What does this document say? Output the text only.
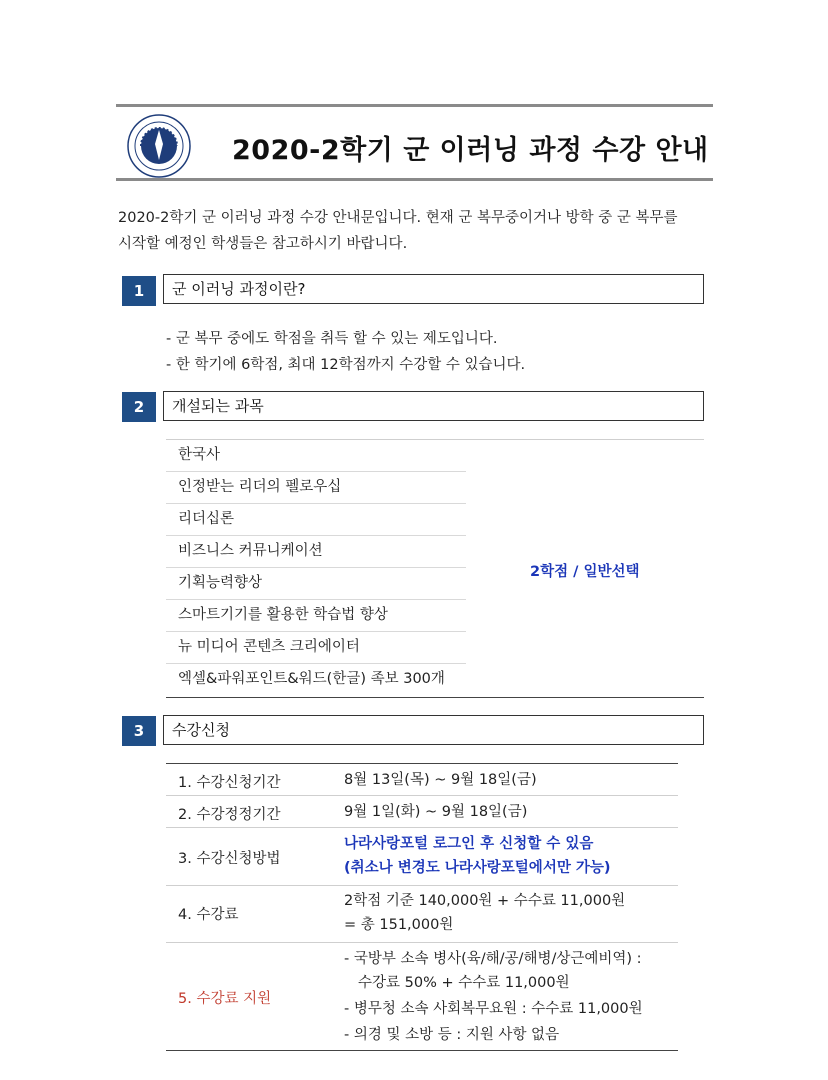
2020-2학기 군 이러닝 과정 수강 안내
2020-2학기 군 이러닝 과정 수강 안내문입니다. 현재 군 복무중이거나 방학 중 군 복무를
시작할 예정인 학생들은 참고하시기 바랍니다.
1	군 이러닝 과정이란?
- 군 복무 중에도 학점을 취득 할 수 있는 제도입니다.
- 한 학기에 6학점, 최대 12학점까지 수강할 수 있습니다.
2	개설되는 과목
한국사
인정받는 리더의 펠로우십
리더십론
비즈니스 커뮤니케이션
기획능력향상
스마트기기를 활용한 학습법 향상
뉴 미디어 콘텐츠 크리에이터
엑셀&파워포인트&워드(한글) 족보 300개
2학점 / 일반선택
3	수강신청
1. 수강신청기간	8월 13일(목) ~ 9월 18일(금)
2. 수강정정기간	9월 1일(화) ~ 9월 18일(금)
3. 수강신청방법
나라사랑포털 로그인 후 신청할 수 있음
(취소나 변경도 나라사랑포털에서만 가능)
4. 수강료
2학점 기준 140,000원 + 수수료 11,000원
= 총 151,000원
5. 수강료 지원
- 국방부 소속 병사(육/해/공/해병/상근예비역) :
수강료 50% + 수수료 11,000원
- 병무청 소속 사회복무요원 : 수수료 11,000원
- 의경 및 소방 등 : 지원 사항 없음
